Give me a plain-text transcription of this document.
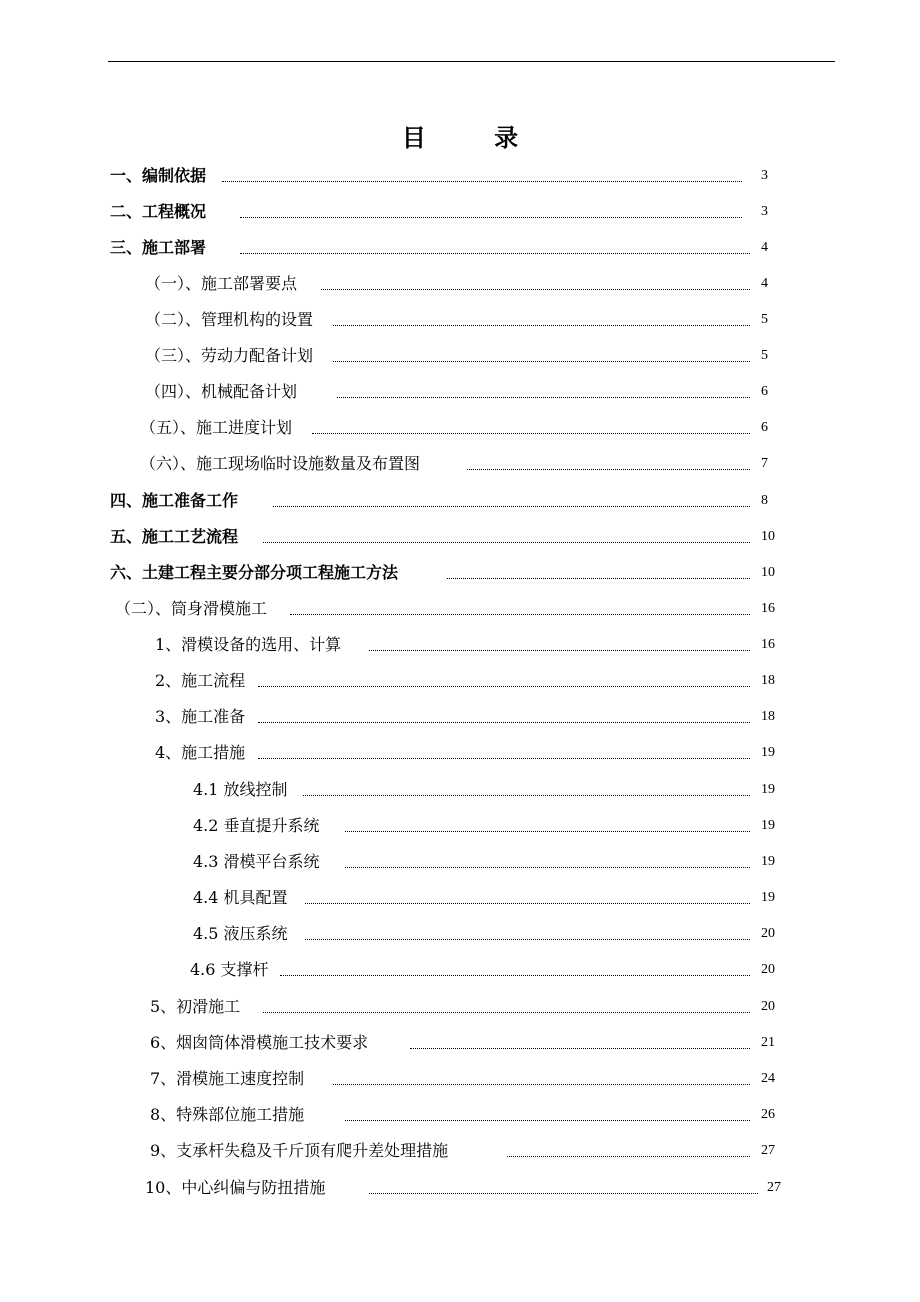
目 录
一、编制依据	3
二、工程概况	3
三、施工部署	4
（一）、施工部署要点	4
（二）、管理机构的设置	5
（三）、劳动力配备计划	5
（四）、机械配备计划	6
（五）、施工进度计划	6
（六）、施工现场临时设施数量及布置图	7
四、施工准备工作	8
五、施工工艺流程	10
六、土建工程主要分部分项工程施工方法	10
（二）、筒身滑模施工	16
1、滑模设备的选用、计算	16
2、施工流程	18
3、施工准备	18
4、施工措施	19
4.1 放线控制	19
4.2 垂直提升系统	19
4.3 滑模平台系统	19
4.4 机具配置	19
4.5 液压系统	20
4.6 支撑杆	20
5、初滑施工	20
6、烟囱筒体滑模施工技术要求	21
7、滑模施工速度控制	24
8、特殊部位施工措施	26
9、支承杆失稳及千斤顶有爬升差处理措施	27
10、中心纠偏与防扭措施	27
